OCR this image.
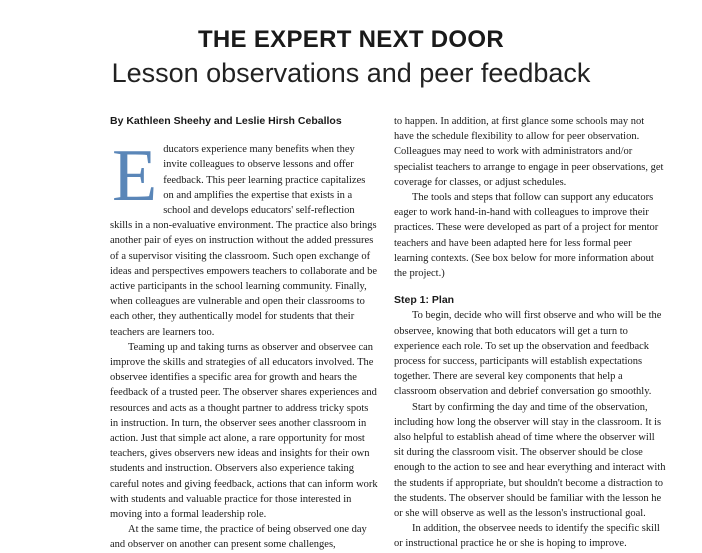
THE EXPERT NEXT DOOR
Lesson observations and peer feedback
By Kathleen Sheehy and Leslie Hirsh Ceballos

Educators experience many benefits when they invite colleagues to observe lessons and offer feedback. This peer learning practice capitalizes on and amplifies the expertise that exists in a school and develops educators' self-reflection skills in a non-evaluative environment. The practice also brings another pair of eyes on instruction without the added pressures of a supervisor visiting the classroom. Such open exchange of ideas and perspectives empowers teachers to collaborate and be active participants in the school learning community. Finally, when colleagues are vulnerable and open their classrooms to each other, they authentically model for students that their teachers are learners too.

Teaming up and taking turns as observer and observee can improve the skills and strategies of all educators involved. The observee identifies a specific area for growth and hears the feedback of a trusted peer. The observer shares experiences and resources and acts as a thought partner to address tricky spots in instruction. In turn, the observer sees another classroom in action. Just that simple act alone, a rare opportunity for most teachers, gives observers new ideas and insights for their own students and instruction. Observers also experience taking careful notes and giving feedback, actions that can inform work with students and valuable practice for those interested in moving into a formal leadership role.

At the same time, the practice of being observed one day and observer on another can present some challenges,

to happen. In addition, at first glance some schools may not have the schedule flexibility to allow for peer observation. Colleagues may need to work with administrators and/or specialist teachers to arrange to engage in peer observations, get coverage for classes, or adjust schedules.

The tools and steps that follow can support any educators eager to work hand-in-hand with colleagues to improve their practices. These were developed as part of a project for mentor teachers and have been adapted here for less formal peer learning contexts. (See box below for more information about the project.)

Step 1: Plan

To begin, decide who will first observe and who will be the observee, knowing that both educators will get a turn to experience each role. To set up the observation and feedback process for success, participants will establish expectations together. There are several key components that help a classroom observation and debrief conversation go smoothly.

Start by confirming the day and time of the observation, including how long the observer will stay in the classroom. It is also helpful to establish ahead of time where the observer will sit during the classroom visit. The observer should be close enough to the action to see and hear everything and interact with the students if appropriate, but shouldn't become a distraction to the students. The observer should be familiar with the lesson he or she will observe as well as the lesson's instructional goal.

In addition, the observee needs to identify the specific skill or instructional practice he or she is hoping to improve.
